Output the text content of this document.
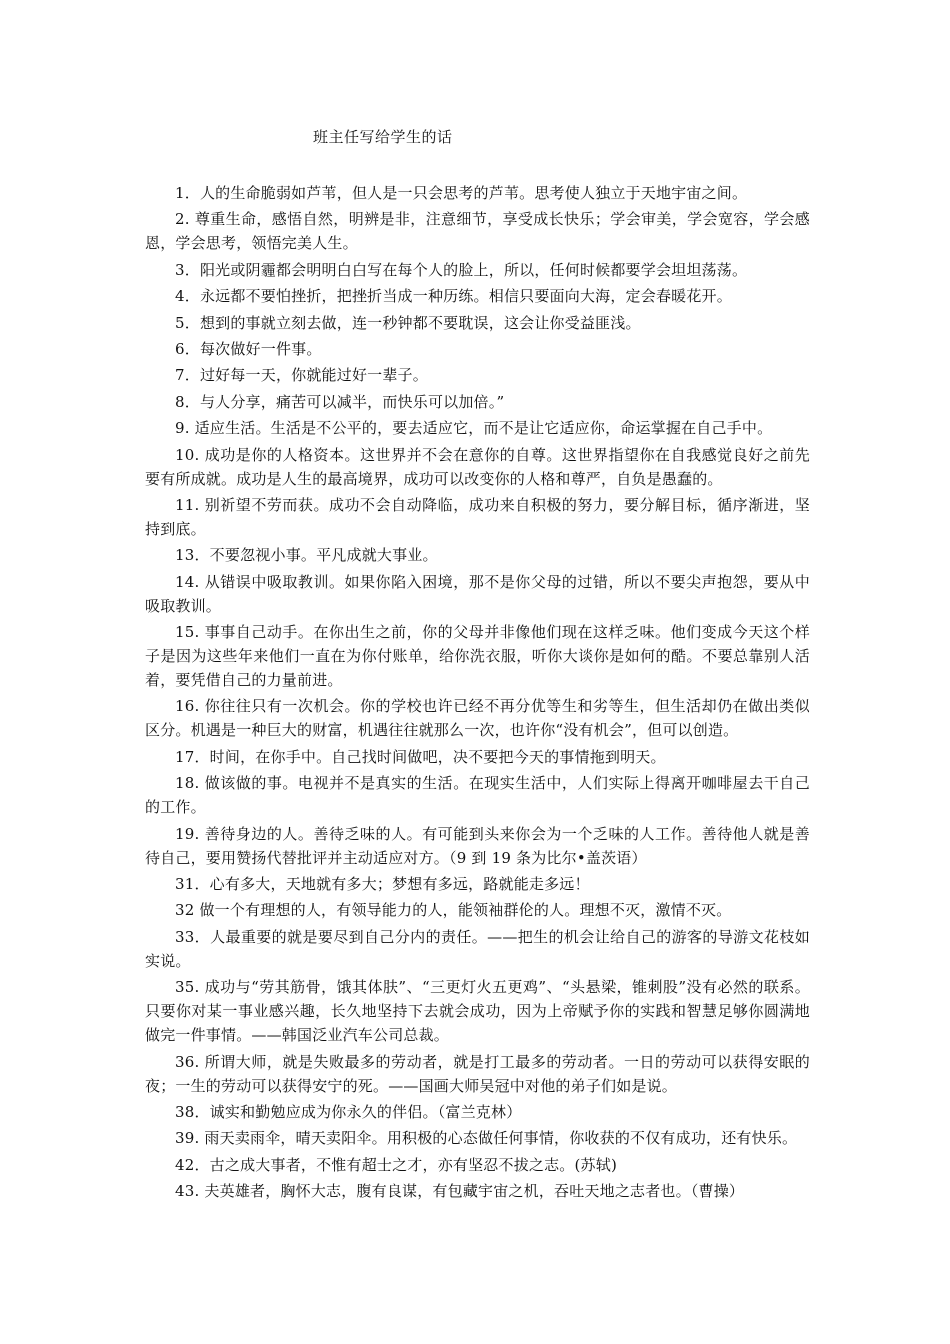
班主任写给学生的话
1．人的生命脆弱如芦苇，但人是一只会思考的芦苇。思考使人独立于天地宇宙之间。
2. 尊重生命，感悟自然，明辨是非，注意细节，享受成长快乐；学会审美，学会宽容，学会感恩，学会思考，领悟完美人生。
3．阳光或阴霾都会明明白白写在每个人的脸上，所以，任何时候都要学会坦坦荡荡。
4．永远都不要怕挫折，把挫折当成一种历练。相信只要面向大海，定会春暖花开。
5．想到的事就立刻去做，连一秒钟都不要耽误，这会让你受益匪浅。
6．每次做好一件事。
7．过好每一天，你就能过好一辈子。
8．与人分享，痛苦可以减半，而快乐可以加倍。”
9. 适应生活。生活是不公平的，要去适应它，而不是让它适应你，命运掌握在自己手中。
10. 成功是你的人格资本。这世界并不会在意你的自尊。这世界指望你在自我感觉良好之前先要有所成就。成功是人生的最高境界，成功可以改变你的人格和尊严，自负是愚蠢的。
11. 别祈望不劳而获。成功不会自动降临，成功来自积极的努力，要分解目标，循序渐进，坚持到底。
13．不要忽视小事。平凡成就大事业。
14. 从错误中吸取教训。如果你陷入困境，那不是你父母的过错，所以不要尖声抱怨，要从中吸取教训。
15. 事事自己动手。在你出生之前，你的父母并非像他们现在这样乏味。他们变成今天这个样子是因为这些年来他们一直在为你付账单，给你洗衣服，听你大谈你是如何的酷。不要总靠别人活着，要凭借自己的力量前进。
16. 你往往只有一次机会。你的学校也许已经不再分优等生和劣等生，但生活却仍在做出类似区分。机遇是一种巨大的财富，机遇往往就那么一次，也许你“没有机会”，但可以创造。
17．时间，在你手中。自己找时间做吧，决不要把今天的事情拖到明天。
18. 做该做的事。电视并不是真实的生活。在现实生活中，人们实际上得离开咖啡屋去干自己的工作。
19. 善待身边的人。善待乏味的人。有可能到头来你会为一个乏味的人工作。善待他人就是善待自己，要用赞扬代替批评并主动适应对方。（9 到 19 条为比尔•盖茨语）
31．心有多大，天地就有多大；梦想有多远，路就能走多远！
32 做一个有理想的人，有领导能力的人，能领袖群伦的人。理想不灭，激情不灭。
33．人最重要的就是要尽到自己分内的责任。——把生的机会让给自己的游客的导游文花枝如实说。
35. 成功与“劳其筋骨，饿其体肤”、“三更灯火五更鸡”、“头悬梁，锥刺股”没有必然的联系。只要你对某一事业感兴趣，长久地坚持下去就会成功，因为上帝赋予你的实践和智慧足够你圆满地做完一件事情。——韩国泛业汽车公司总裁。
36. 所谓大师，就是失败最多的劳动者，就是打工最多的劳动者。一日的劳动可以获得安眠的夜；一生的劳动可以获得安宁的死。——国画大师吴冠中对他的弟子们如是说。
38．诚实和勤勉应成为你永久的伴侣。（富兰克林）
39. 雨天卖雨伞，晴天卖阳伞。用积极的心态做任何事情，你收获的不仅有成功，还有快乐。
42．古之成大事者，不惟有超士之才，亦有坚忍不拔之志。(苏轼)
43. 夫英雄者，胸怀大志，腹有良谋，有包藏宇宙之机，吞吐天地之志者也。（曹操）
